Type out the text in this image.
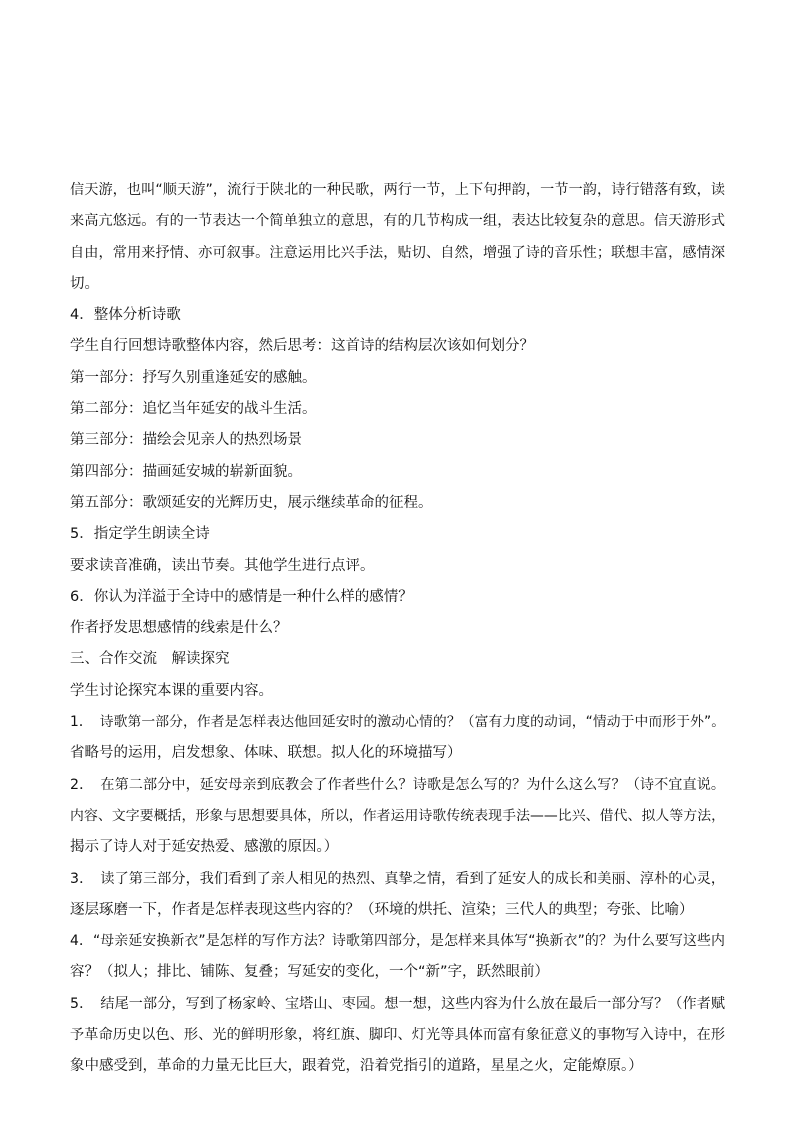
信天游，也叫“顺天游”，流行于陕北的一种民歌，两行一节，上下句押韵，一节一韵，诗行错落有致，读
来高亢悠远。有的一节表达一个简单独立的意思，有的几节构成一组，表达比较复杂的意思。信天游形式
自由，常用来抒情、亦可叙事。注意运用比兴手法，贴切、自然，增强了诗的音乐性；联想丰富，感情深
切。
4．整体分析诗歌
学生自行回想诗歌整体内容，然后思考：这首诗的结构层次该如何划分？
第一部分：抒写久别重逢延安的感触。
第二部分：追忆当年延安的战斗生活。
第三部分：描绘会见亲人的热烈场景
第四部分：描画延安城的崭新面貌。
第五部分：歌颂延安的光辉历史，展示继续革命的征程。
5．指定学生朗读全诗
要求读音准确，读出节奏。其他学生进行点评。
6．你认为洋溢于全诗中的感情是一种什么样的感情？
作者抒发思想感情的线索是什么？
三、合作交流　解读探究
学生讨论探究本课的重要内容。
1．　诗歌第一部分，作者是怎样表达他回延安时的激动心情的？（富有力度的动词，“情动于中而形于外”。
省略号的运用，启发想象、体味、联想。拟人化的环境描写）
2．　在第二部分中，延安母亲到底教会了作者些什么？诗歌是怎么写的？为什么这么写？（诗不宜直说。
内容、文字要概括，形象与思想要具体，所以，作者运用诗歌传统表现手法——比兴、借代、拟人等方法，
揭示了诗人对于延安热爱、感激的原因。）
3．　读了第三部分，我们看到了亲人相见的热烈、真挚之情，看到了延安人的成长和美丽、淳朴的心灵，
逐层琢磨一下，作者是怎样表现这些内容的？（环境的烘托、渲染；三代人的典型；夸张、比喻）
4．“母亲延安换新衣”是怎样的写作方法？诗歌第四部分，是怎样来具体写“换新衣”的？为什么要写这些内
容？（拟人；排比、铺陈、复叠；写延安的变化，一个“新”字，跃然眼前）
5．　结尾一部分，写到了杨家岭、宝塔山、枣园。想一想，这些内容为什么放在最后一部分写？（作者赋
予革命历史以色、形、光的鲜明形象，将红旗、脚印、灯光等具体而富有象征意义的事物写入诗中，在形
象中感受到，革命的力量无比巨大，跟着党，沿着党指引的道路，星星之火，定能燎原。）
